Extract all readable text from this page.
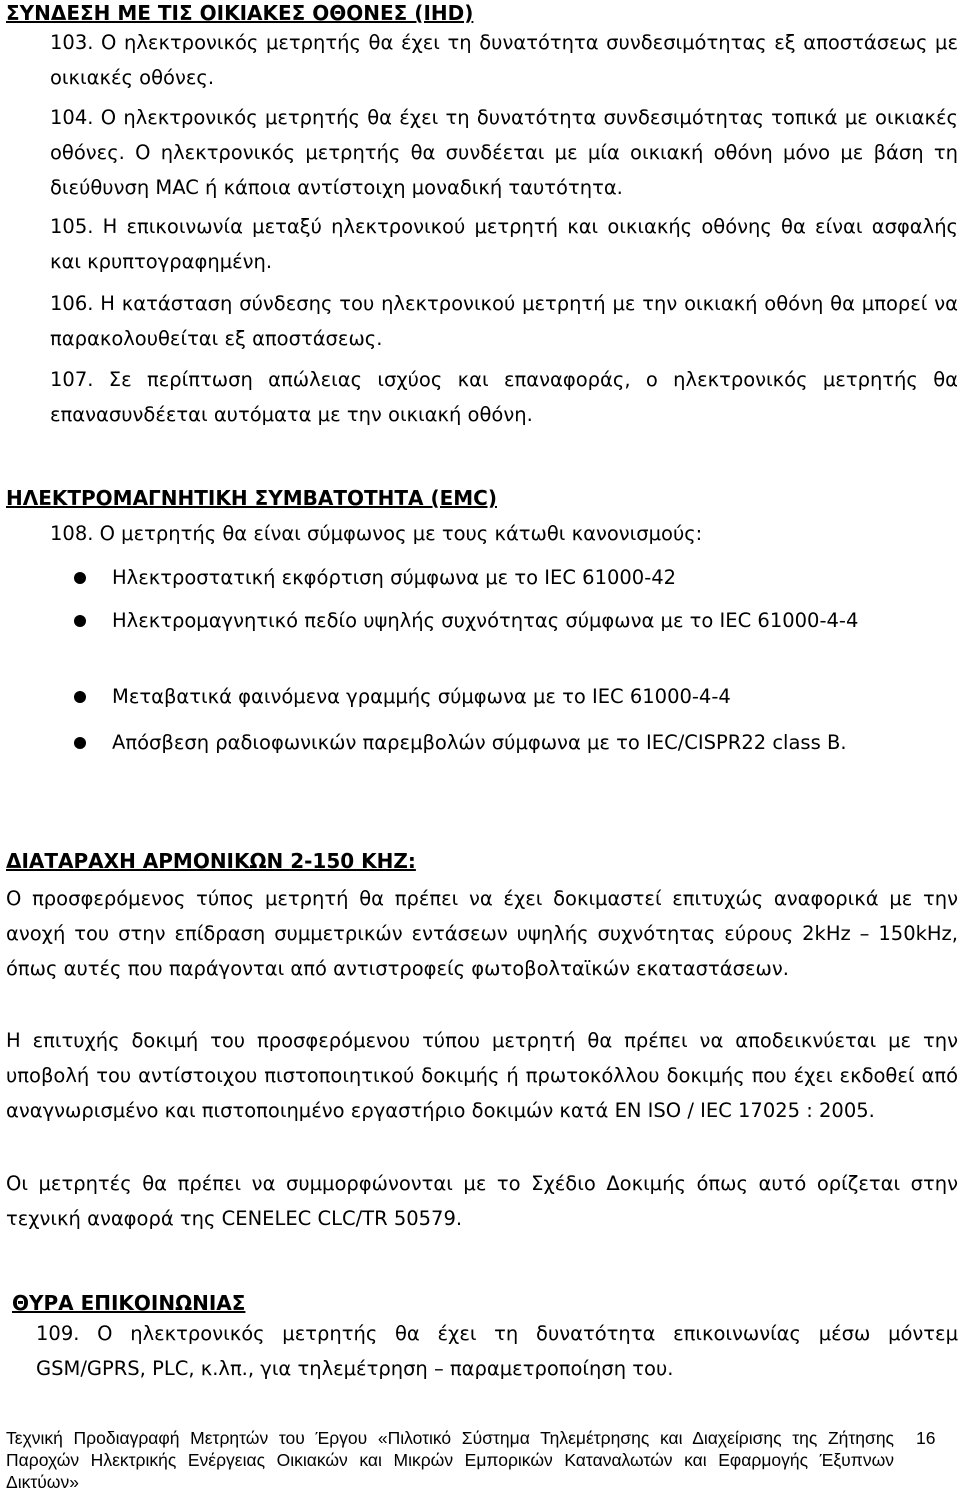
ΣΥΝΔΕΣΗ ΜΕ ΤΙΣ ΟΙΚΙΑΚΕΣ ΟΘΟΝΕΣ (IHD)
103. Ο ηλεκτρονικός μετρητής θα έχει τη δυνατότητα συνδεσιμότητας εξ αποστάσεως με οικιακές οθόνες.
104. Ο ηλεκτρονικός μετρητής θα έχει τη δυνατότητα συνδεσιμότητας τοπικά με οικιακές οθόνες. Ο ηλεκτρονικός μετρητής θα συνδέεται με μία οικιακή οθόνη μόνο με βάση τη διεύθυνση MAC ή κάποια αντίστοιχη μοναδική ταυτότητα.
105. Η επικοινωνία μεταξύ ηλεκτρονικού μετρητή και οικιακής οθόνης θα είναι ασφαλής και κρυπτογραφημένη.
106. Η κατάσταση σύνδεσης του ηλεκτρονικού μετρητή με την οικιακή οθόνη θα μπορεί να παρακολουθείται εξ αποστάσεως.
107. Σε περίπτωση απώλειας ισχύος και επαναφοράς, ο ηλεκτρονικός μετρητής θα επανασυνδέεται αυτόματα με την οικιακή οθόνη.
ΗΛΕΚΤΡΟΜΑΓΝΗΤΙΚΗ ΣΥΜΒΑΤΟΤΗΤΑ (EMC)
108. Ο μετρητής θα είναι σύμφωνος με τους κάτωθι κανονισμούς:
Ηλεκτροστατική εκφόρτιση σύμφωνα με το IEC 61000-42
Ηλεκτρομαγνητικό πεδίο υψηλής συχνότητας σύμφωνα με το IEC 61000-4-4
Μεταβατικά φαινόμενα γραμμής σύμφωνα με το IEC 61000-4-4
Απόσβεση ραδιοφωνικών παρεμβολών σύμφωνα με το IEC/CISPR22 class B.
ΔΙΑΤΑΡΑΧΗ ΑΡΜΟΝΙΚΩΝ 2-150 KHZ:
Ο προσφερόμενος τύπος μετρητή θα πρέπει να έχει δοκιμαστεί επιτυχώς αναφορικά με την ανοχή του στην επίδραση συμμετρικών εντάσεων υψηλής συχνότητας εύρους 2kHz – 150kHz, όπως αυτές που παράγονται από αντιστροφείς φωτοβολταϊκών εκαταστάσεων.
Η επιτυχής δοκιμή του προσφερόμενου τύπου μετρητή θα πρέπει να αποδεικνύεται με την υποβολή του αντίστοιχου πιστοποιητικού δοκιμής ή πρωτοκόλλου δοκιμής που έχει εκδοθεί από αναγνωρισμένο και πιστοποιημένο εργαστήριο δοκιμών κατά EN ISO / IEC 17025 : 2005.
Οι μετρητές θα πρέπει να συμμορφώνονται με το Σχέδιο Δοκιμής όπως αυτό ορίζεται στην τεχνική αναφορά της CENELEC CLC/TR 50579.
ΘΥΡΑ ΕΠΙΚΟΙΝΩΝΙΑΣ
109. Ο ηλεκτρονικός μετρητής θα έχει τη δυνατότητα επικοινωνίας μέσω μόντεμ GSM/GPRS, PLC, κ.λπ., για τηλεμέτρηση – παραμετροποίηση του.
Τεχνική Προδιαγραφή Μετρητών του Έργου «Πιλοτικό Σύστημα Τηλεμέτρησης και Διαχείρισης της Ζήτησης Παροχών Ηλεκτρικής Ενέργειας Οικιακών και Μικρών Εμπορικών Καταναλωτών και Εφαρμογής Έξυπνων Δικτύων»
16
